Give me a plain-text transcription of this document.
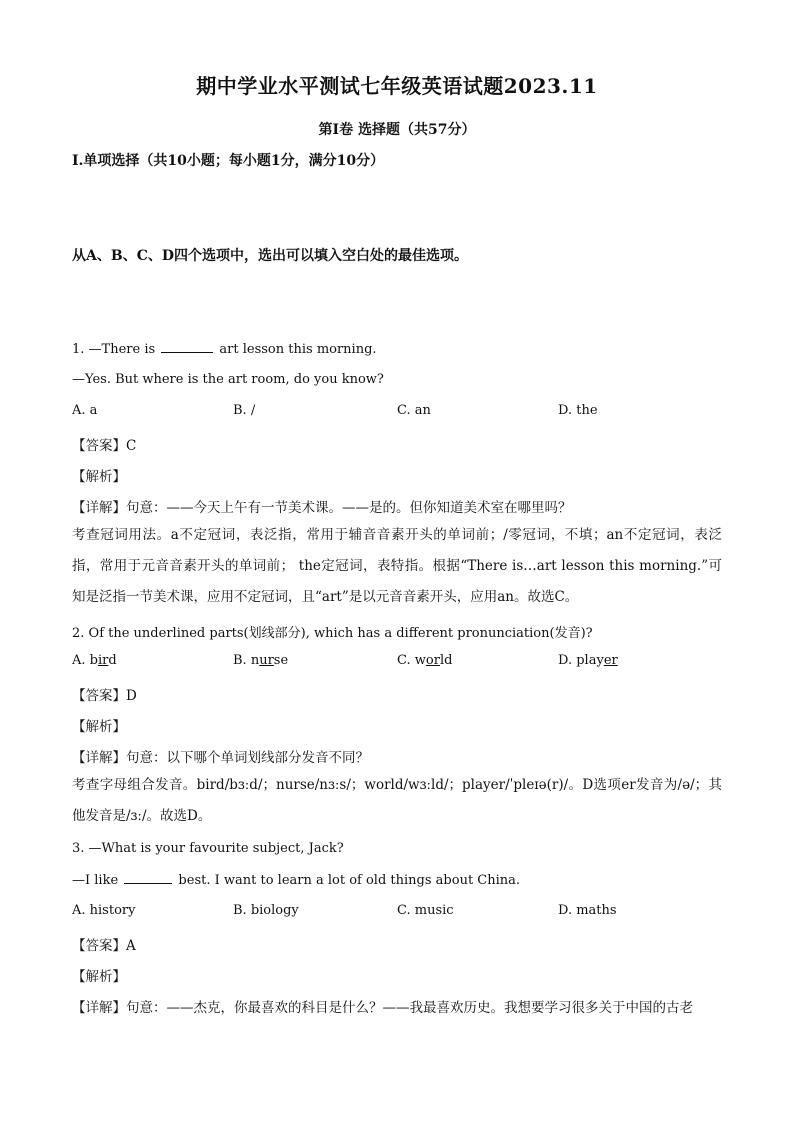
期中学业水平测试七年级英语试题2023.11
第I卷 选择题（共57分）
I.单项选择（共10小题；每小题1分，满分10分）
从A、B、C、D四个选项中，选出可以填入空白处的最佳选项。
1. —There is	art lesson this morning.
—Yes. But where is the art room, do you know?
A. a	B. /	C. an	D. the
【答案】C
【解析】
【详解】句意：——今天上午有一节美术课。——是的。但你知道美术室在哪里吗？
考查冠词用法。a不定冠词，表泛指，常用于辅音音素开头的单词前；/零冠词，不填；an不定冠词，表泛指，常用于元音音素开头的单词前； the定冠词，表特指。根据“There is…art lesson this morning.”可知是泛指一节美术课，应用不定冠词，且“art”是以元音音素开头，应用an。故选C。
2. Of the underlined parts(划线部分), which has a different pronunciation(发音)?
A. bird	B. nurse	C. world	D. player
【答案】D
【解析】
【详解】句意：以下哪个单词划线部分发音不同？
考查字母组合发音。bird/bɜːd/；nurse/nɜːs/；world/wɜːld/；player/ˈpleɪə(r)/。D选项er发音为/ə/；其他发音是/ɜː/。故选D。
3. —What is your favourite subject, Jack?
—I like	best. I want to learn a lot of old things about China.
A. history	B. biology	C. music	D. maths
【答案】A
【解析】
【详解】句意：——杰克，你最喜欢的科目是什么？——我最喜欢历史。我想要学习很多关于中国的古老
